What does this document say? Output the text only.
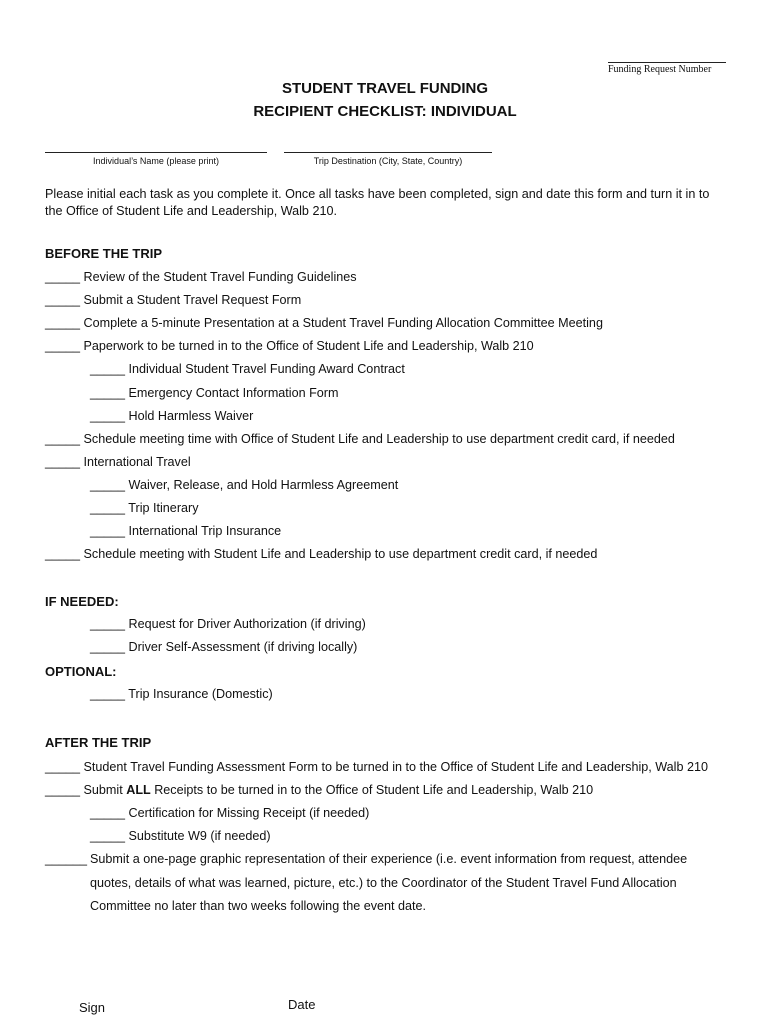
Funding Request Number
STUDENT TRAVEL FUNDING
RECIPIENT CHECKLIST: INDIVIDUAL
Individual’s Name (please print)	Trip Destination (City, State, Country)
Please initial each task as you complete it. Once all tasks have been completed, sign and date this form and turn it in to the Office of Student Life and Leadership, Walb 210.
BEFORE THE TRIP
_____ Review of the Student Travel Funding Guidelines
_____ Submit a Student Travel Request Form
_____ Complete a 5-minute Presentation at a Student Travel Funding Allocation Committee Meeting
_____ Paperwork to be turned in to the Office of Student Life and Leadership, Walb 210
_____ Individual Student Travel Funding Award Contract
_____ Emergency Contact Information Form
_____ Hold Harmless Waiver
_____ Schedule meeting time with Office of Student Life and Leadership to use department credit card, if needed
_____ International Travel
_____ Waiver, Release, and Hold Harmless Agreement
_____ Trip Itinerary
_____ International Trip Insurance
_____ Schedule meeting with Student Life and Leadership to use department credit card, if needed
IF NEEDED:
_____ Request for Driver Authorization (if driving)
_____ Driver Self-Assessment (if driving locally)
OPTIONAL:
_____ Trip Insurance (Domestic)
AFTER THE TRIP
_____ Student Travel Funding Assessment Form to be turned in to the Office of Student Life and Leadership, Walb 210
_____ Submit ALL Receipts to be turned in to the Office of Student Life and Leadership, Walb 210
_____ Certification for Missing Receipt (if needed)
_____ Substitute W9 (if needed)
______ Submit a one-page graphic representation of their experience (i.e. event information from request, attendee
quotes, details of what was learned, picture, etc.) to the Coordinator of the Student Travel Fund Allocation
Committee no later than two weeks following the event date.
Sign	Date
